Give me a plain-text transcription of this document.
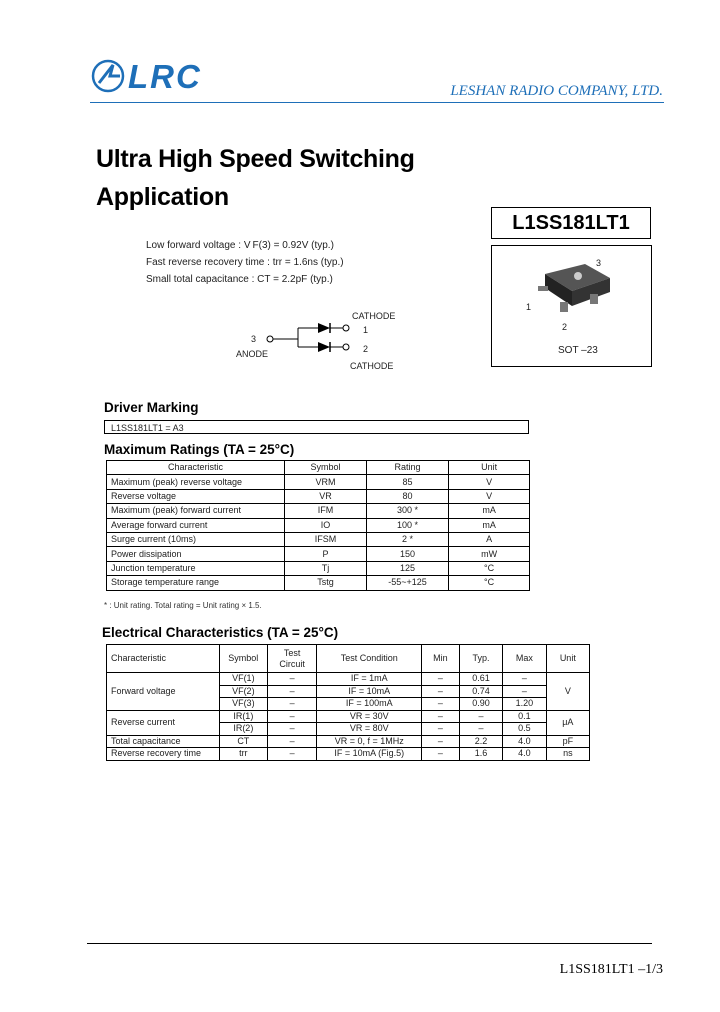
LRC	LESHAN RADIO COMPANY, LTD.
Ultra High Speed Switching
Application
L1SS181LT1
Low forward voltage : V F(3) = 0.92V (typ.)
Fast reverse recovery time : trr = 1.6ns (typ.)
Small total capacitance : CT = 2.2pF (typ.)
CATHODE
1
2
3
ANODE
CATHODE
3
1
2
SOT –23
Driver Marking
L1SS181LT1 = A3
Maximum Ratings (TA = 25°C)
Characteristic	Symbol	Rating	Unit
Maximum (peak) reverse voltage	VRM	85	V
Reverse voltage	VR	80	V
Maximum (peak) forward current	IFM	300 *	mA
Average forward current	IO	100 *	mA
Surge current (10ms)	IFSM	2 *	A
Power dissipation	P	150	mW
Junction temperature	Tj	125	°C
Storage temperature range	Tstg	-55~+125	°C
* : Unit rating. Total rating = Unit rating × 1.5.
Electrical Characteristics (TA = 25°C)
Characteristic	Symbol	Test Circuit	Test Condition	Min	Typ.	Max	Unit
Forward voltage	VF(1)	–	IF = 1mA	–	0.61	–	V
	VF(2)	–	IF = 10mA	–	0.74	–	
	VF(3)	–	IF = 100mA	–	0.90	1.20	
Reverse current	IR(1)	–	VR = 30V	–	–	0.1	μA
	IR(2)	–	VR = 80V	–	–	0.5	
Total capacitance	CT	–	VR = 0, f = 1MHz	–	2.2	4.0	pF
Reverse recovery time	trr	–	IF = 10mA (Fig.5)	–	1.6	4.0	ns
L1SS181LT1 –1/3
